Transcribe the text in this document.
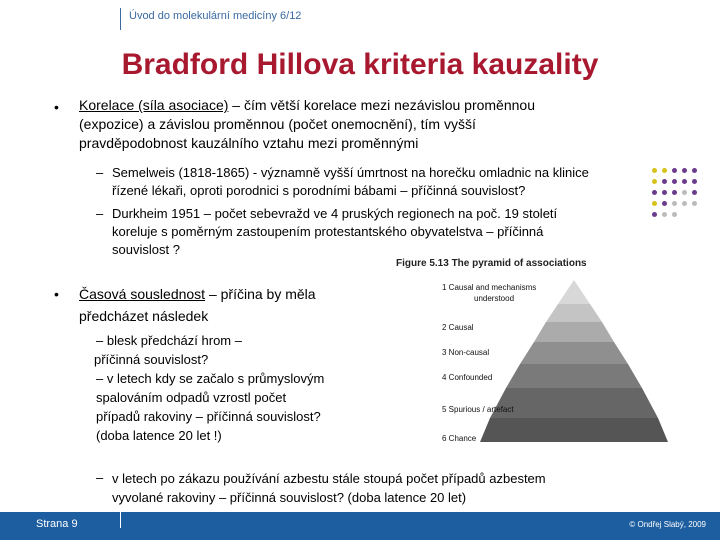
Úvod do molekulární medicíny 6/12
Bradford Hillova kriteria kauzality
• Korelace (síla asociace) – čím větší korelace mezi nezávislou proměnnou
(expozice) a závislou proměnnou (počet onemocnění), tím vyšší
pravděpodobnost kauzálního vztahu mezi proměnnými
– Semelweis (1818-1865) - významně vyšší úmrtnost na horečku omladnic na klinice
řízené lékaři, oproti porodnici s porodními bábami – příčinná souvislost?
– Durkheim 1951 – počet sebevražd ve 4 pruských regionech na poč. 19 století
koreluje s poměrným zastoupením protestantského obyvatelstva – příčinná
souvislost ?
• Časová souslednost – příčina by měla
předcházet následek
– blesk předchází hrom –
příčinná souvislost?
– v letech kdy se začalo s průmyslovým
spalováním odpadů vzrostl počet
případů rakoviny – příčinná souvislost?
(doba latence 20 let !)
– v letech po zákazu používání azbestu stále stoupá počet případů azbestem
vyvolané rakoviny – příčinná souvislost? (doba latence 20 let)
Figure 5.13 The pyramid of associations
1 Causal and mechanisms
understood
2 Causal
3 Non-causal
4 Confounded
5 Spurious / artefact
6 Chance
Strana 9	© Ondřej Slabý, 2009
